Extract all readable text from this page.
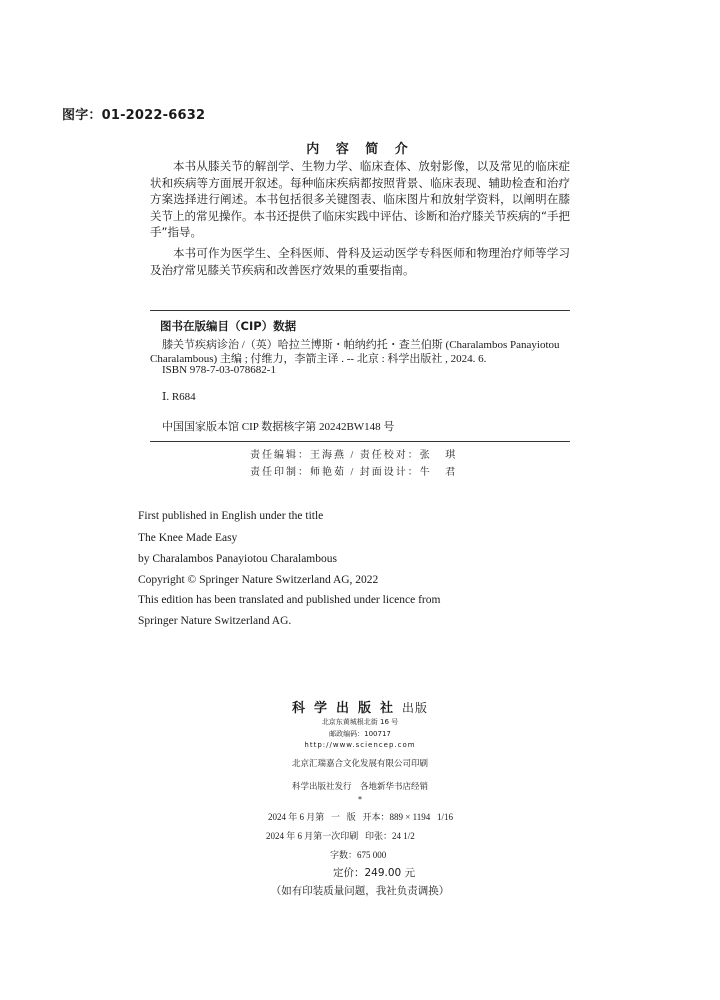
图字：01-2022-6632
内 容 简 介

本书从膝关节的解剖学、生物力学、临床查体、放射影像，以及常见的临床症状和疾病等方面展开叙述。每种临床疾病都按照背景、临床表现、辅助检查和治疗方案选择进行阐述。本书包括很多关键图表、临床图片和放射学资料，以阐明在膝关节上的常见操作。本书还提供了临床实践中评估、诊断和治疗膝关节疾病的“手把手”指导。

本书可作为医学生、全科医师、骨科及运动医学专科医师和物理治疗师等学习及治疗常见膝关节疾病和改善医疗效果的重要指南。

图书在版编目（CIP）数据
膝关节疾病诊治 /（英）哈拉兰博斯・帕纳约托・查兰伯斯 (Charalambos Panayiotou
Charalambous) 主编 ; 付维力，李箭主译 . -- 北京 : 科学出版社 , 2024. 6.
ISBN 978-7-03-078682-1
Ⅰ. R684
中国国家版本馆 CIP 数据核字第 20242BW148 号
责任编辑：王海燕 / 责任校对：张   琪
责任印制：师艳茹 / 封面设计：牛   君
First published in English under the title
The Knee Made Easy
by Charalambos Panayiotou Charalambous
Copyright © Springer Nature Switzerland AG, 2022
This edition has been translated and published under licence from
Springer Nature Switzerland AG.
科学出版社出版
北京东黄城根北街 16 号
邮政编码：100717
http://www.sciencep.com
北京汇瑞嘉合文化发展有限公司印刷
科学出版社发行　各地新华书店经销
*
2024 年 6 月第   一   版   开本：889 × 1194   1/16
2024 年 6 月第一次印刷   印张：24 1/2
字数：675 000
定价：249.00 元
（如有印装质量问题，我社负责调换）
